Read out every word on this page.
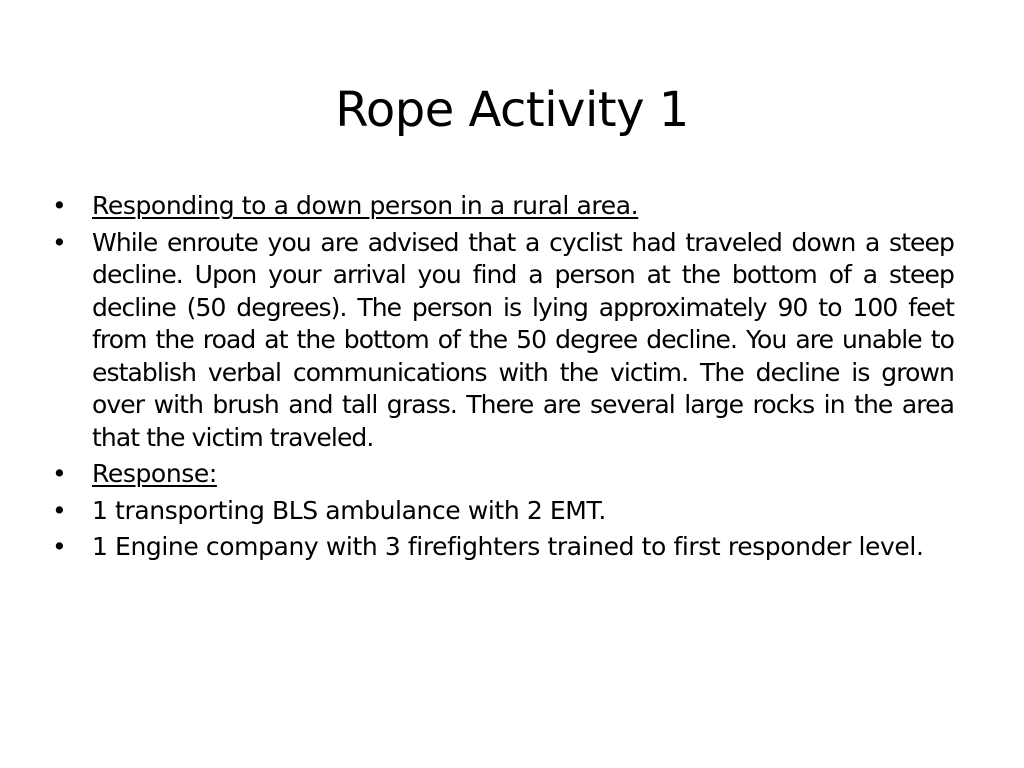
Rope Activity 1
•	Responding to a down person in a rural area.
•	While enroute you are advised that a cyclist had traveled down a steep decline. Upon your arrival you find a person at the bottom of a steep decline (50 degrees). The person is lying approximately 90 to 100 feet from the road at the bottom of the 50 degree decline. You are unable to establish verbal communications with the victim. The decline is grown over with brush and tall grass. There are several large rocks in the area that the victim traveled.
•	Response:
•	1 transporting BLS ambulance with 2 EMT.
•	1 Engine company with 3 firefighters trained to first responder level.
